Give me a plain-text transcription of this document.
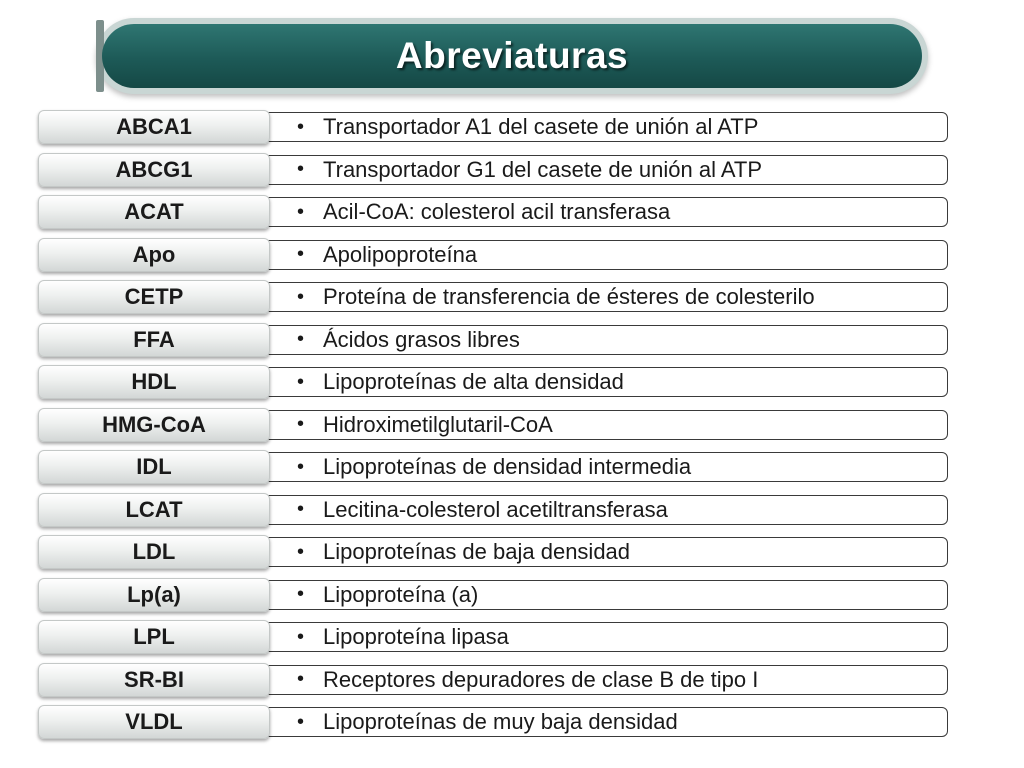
Abreviaturas
ABCA1	• Transportador A1 del casete de unión al ATP
ABCG1	• Transportador G1 del casete de unión al ATP
ACAT	• Acil-CoA: colesterol acil transferasa
Apo	• Apolipoproteína
CETP	• Proteína de transferencia de ésteres de colesterilo
FFA	• Ácidos grasos libres
HDL	• Lipoproteínas de alta densidad
HMG-CoA	• Hidroximetilglutaril-CoA
IDL	• Lipoproteínas de densidad intermedia
LCAT	• Lecitina-colesterol acetiltransferasa
LDL	• Lipoproteínas de baja densidad
Lp(a)	• Lipoproteína (a)
LPL	• Lipoproteína lipasa
SR-BI	• Receptores depuradores de clase B de tipo I
VLDL	• Lipoproteínas de muy baja densidad
